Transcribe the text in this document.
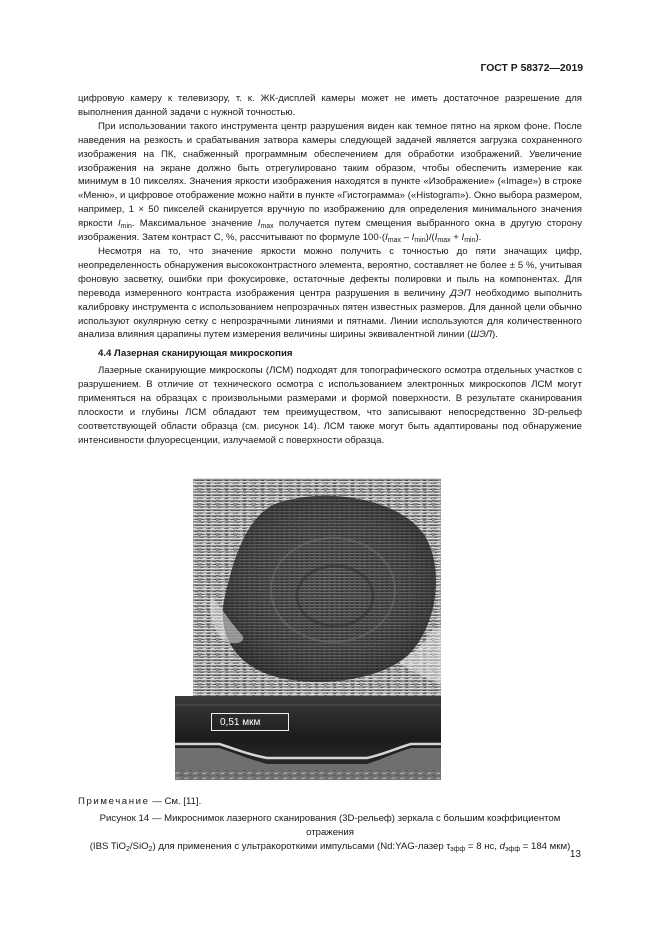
ГОСТ Р 58372—2019

цифровую камеру к телевизору, т. к. ЖК-дисплей камеры может не иметь достаточное разрешение для выполнения данной задачи с нужной точностью.

При использовании такого инструмента центр разрушения виден как темное пятно на ярком фоне. После наведения на резкость и срабатывания затвора камеры следующей задачей является загрузка сохраненного изображения на ПК, снабженный программным обеспечением для обработки изображений. Увеличение изображения на экране должно быть отрегулировано таким образом, чтобы обеспечить измерение как минимум в 10 пикселях. Значения яркости изображения находятся в пункте «Изображение» («Image») в строке «Меню», и цифровое отображение можно найти в пункте «Гистограмма» («Histogram»). Окно выбора размером, например, 1 × 50 пикселей сканируется вручную по изображению для определения минимального значения яркости $I_{min}$. Максимальное значение $I_{max}$ получается путем смещения выбранного окна в другую сторону изображения. Затем контраст C, %, рассчитывают по формуле $100\cdot(I_{max} - I_{min})/(I_{max} + I_{min})$.

Несмотря на то, что значение яркости можно получить с точностью до пяти значащих цифр, неопределенность обнаружения высококонтрастного элемента, вероятно, составляет не более ± 5 %, учитывая фоновую засветку, ошибки при фокусировке, остаточные дефекты полировки и пыль на компонентах. Для перевода измеренного контраста изображения центра разрушения в величину ДЭП необходимо выполнить калибровку инструмента с использованием непрозрачных пятен известных размеров. Для данной цели обычно используют окулярную сетку с непрозрачными линиями и пятнами. Линии используются для количественного анализа влияния царапины путем измерения величины ширины эквивалентной линии (ШЭЛ).

4.4 Лазерная сканирующая микроскопия

Лазерные сканирующие микроскопы (ЛСМ) подходят для топографического осмотра отдельных участков с разрушением. В отличие от технического осмотра с использованием электронных микроскопов ЛСМ могут применяться на образцах с произвольными размерами и формой поверхности. В результате сканирования плоскости и глубины ЛСМ обладают тем преимуществом, что записывают непосредственно 3D-рельеф соответствующей области образца (см. рисунок 14). ЛСМ также могут быть адаптированы под обнаружение интенсивности флуоресценции, излучаемой с поверхности образца.

0,51 мкм
Примечание — См. [11].
Рисунок 14 — Микроснимок лазерного сканирования (3D-рельеф) зеркала с большим коэффициентом отражения
(IBS TiO$_2$/SiO$_2$) для применения с ультракороткими импульсами (Nd:YAG-лазер $\tau_{эфф} = 8$ нс, $d_{эфф} = 184$ мкм)
13
